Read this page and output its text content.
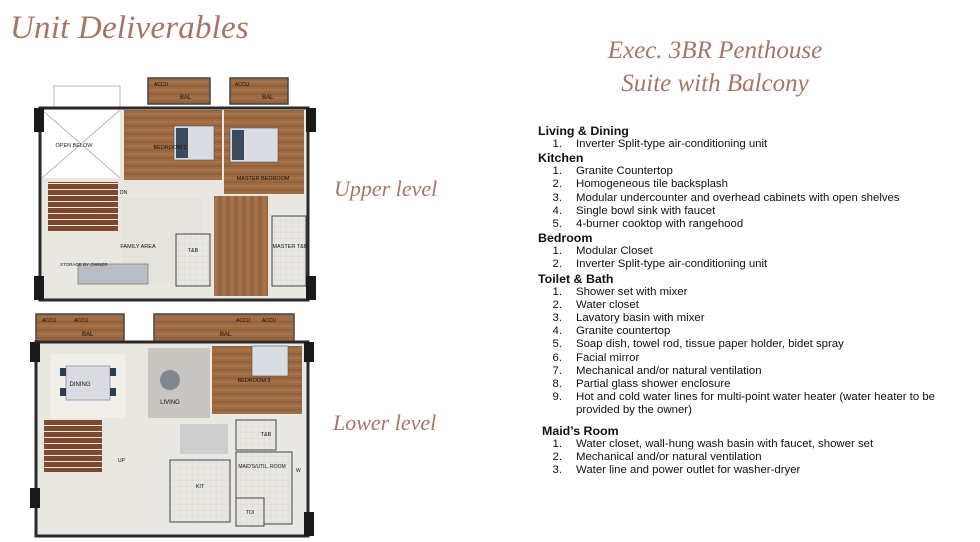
Unit Deliverables
Exec. 3BR Penthouse
Suite with Balcony
Upper level
Lower level
ACCU
BAL
ACCU
BAL
OPEN BELOW	BEDROOM 2
MASTER BEDROOM
DN
FAMILY AREA
STORAGE BY OWNER
T&B
MASTER T&B
ACCU	ACCU
BAL	BAL
ACCU ACCU
DINING
LIVING
BEDROOM 3
UP
KIT
T&B
MAID'S/UTIL. ROOM
W
TOI
Living & Dining
1.	Inverter Split-type air-conditioning unit
Kitchen
1.	Granite Countertop
2.	Homogeneous tile backsplash
3.	Modular undercounter and overhead cabinets with open shelves
4.	Single bowl sink with faucet
5.	4-burner cooktop with rangehood
Bedroom
1.	Modular Closet
2.	Inverter Split-type air-conditioning unit
Toilet & Bath
1.	Shower set with mixer
2.	Water closet
3.	Lavatory basin with mixer
4.	Granite countertop
5.	Soap dish, towel rod, tissue paper holder, bidet spray
6.	Facial mirror
7.	Mechanical and/or natural ventilation
8.	Partial glass shower enclosure
9.	Hot and cold water lines for multi-point water heater (water heater to be provided by the owner)
Maid’s Room
1.	Water closet, wall-hung wash basin with faucet, shower set
2.	Mechanical and/or natural ventilation
3.	Water line and power outlet for washer-dryer
